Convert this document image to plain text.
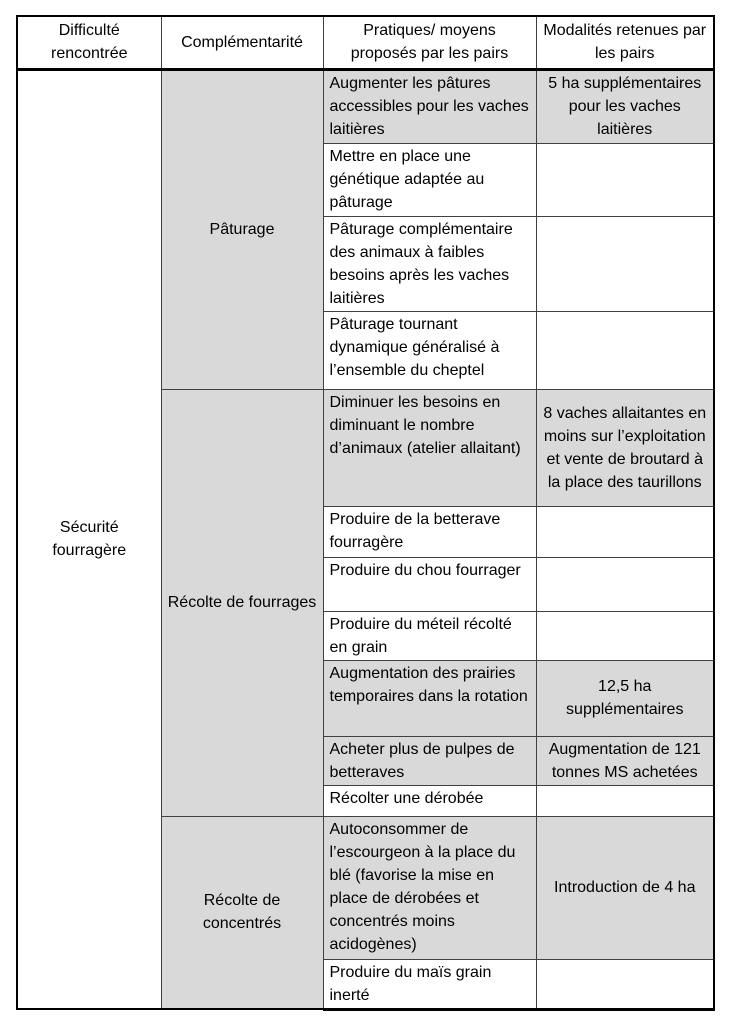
Difficulté rencontrée	Complémentarité	Pratiques/ moyens proposés par les pairs	Modalités retenues par les pairs
Sécurité fourragère	Pâturage	Augmenter les pâtures accessibles pour les vaches laitières	5 ha supplémentaires pour les vaches laitières
		Mettre en place une génétique adaptée au pâturage	
		Pâturage complémentaire des animaux à faibles besoins après les vaches laitières	
		Pâturage tournant dynamique généralisé à l’ensemble du cheptel	
	Récolte de fourrages	Diminuer les besoins en diminuant le nombre d’animaux (atelier allaitant)	8 vaches allaitantes en moins sur l’exploitation et vente de broutard à la place des taurillons
		Produire de la betterave fourragère	
		Produire du chou fourrager	
		Produire du méteil récolté en grain	
		Augmentation des prairies temporaires dans la rotation	12,5 ha supplémentaires
		Acheter plus de pulpes de betteraves	Augmentation de 121 tonnes MS achetées
		Récolter une dérobée	
	Récolte de concentrés	Autoconsommer de l’escourgeon à la place du blé (favorise la mise en place de dérobées et concentrés moins acidogènes)	Introduction de 4 ha
		Produire du maïs grain inerté	
